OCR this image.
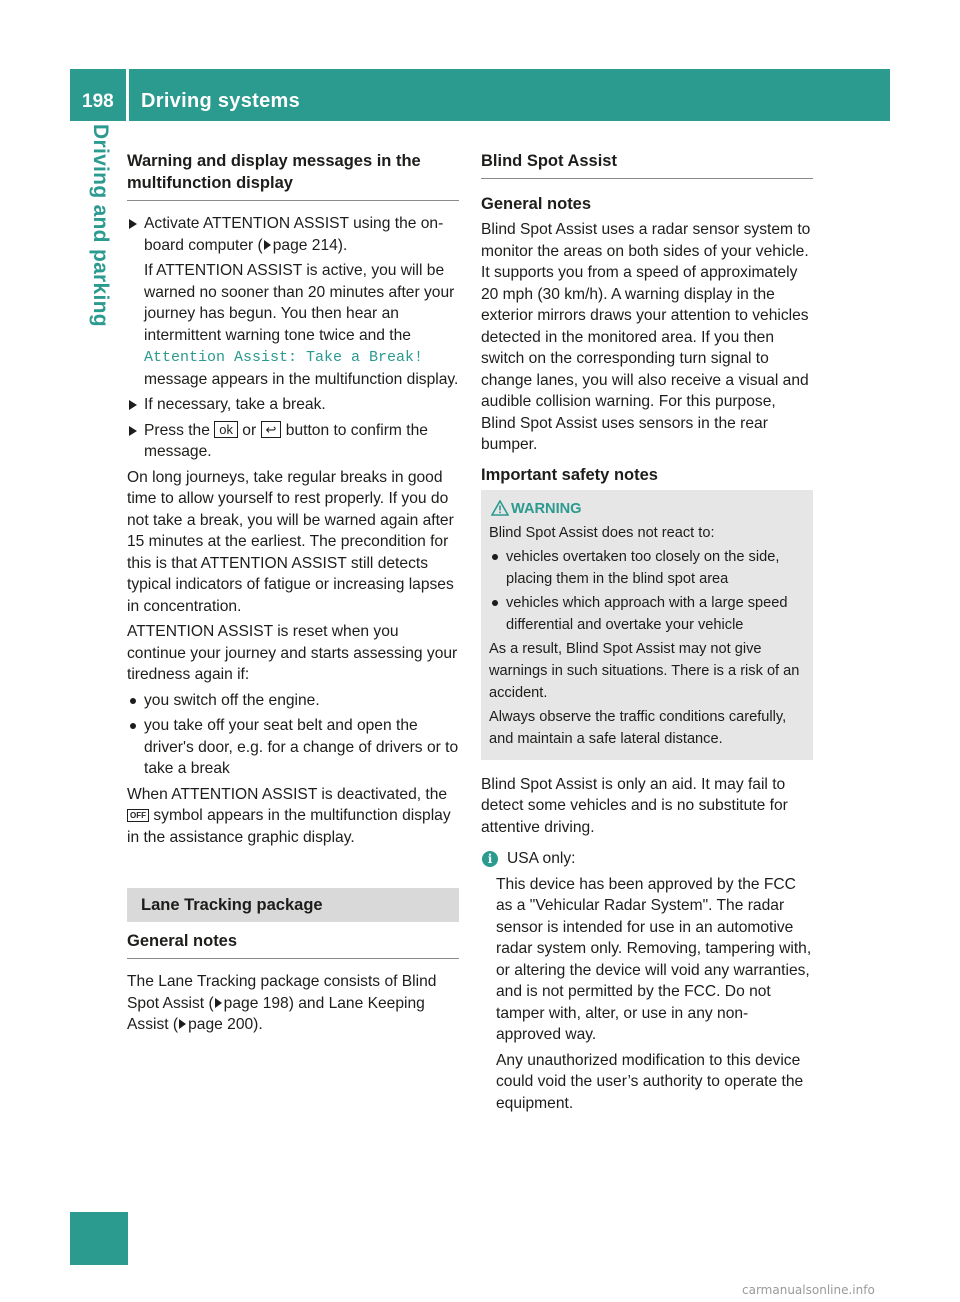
198 Driving systems
Driving and parking Warning and display messages in the multifunction display
Activate ATTENTION ASSIST using the on-board computer ( page 214).

If ATTENTION ASSIST is active, you will be warned no sooner than 20 minutes after your journey has begun. You then hear an intermittent warning tone twice and the
Attention Assist: Take a Break!
message appears in the multifunction display.

If necessary, take a break.
Press the ok or ↩ button to confirm the message.

On long journeys, take regular breaks in good time to allow yourself to rest properly. If you do not take a break, you will be warned again after 15 minutes at the earliest. The precondition for this is that ATTENTION ASSIST still detects typical indicators of fatigue or increasing lapses in concentration.

ATTENTION ASSIST is reset when you continue your journey and starts assessing your tiredness again if:

you switch off the engine.
you take off your seat belt and open the driver's door, e.g. for a change of drivers or to take a break

When ATTENTION ASSIST is deactivated, the OFF symbol appears in the multifunction display in the assistance graphic display.

Lane Tracking package
General notes

The Lane Tracking package consists of Blind Spot Assist ( page 198) and Lane Keeping Assist ( page 200).

Blind Spot Assist
General notes

Blind Spot Assist uses a radar sensor system to monitor the areas on both sides of your vehicle. It supports you from a speed of approximately 20 mph (30 km/h). A warning display in the exterior mirrors draws your attention to vehicles detected in the monitored area. If you then switch on the corresponding turn signal to change lanes, you will also receive a visual and audible collision warning. For this purpose, Blind Spot Assist uses sensors in the rear bumper.

Important safety notes
WARNING

Blind Spot Assist does not react to:

vehicles overtaken too closely on the side, placing them in the blind spot area
vehicles which approach with a large speed differential and overtake your vehicle

As a result, Blind Spot Assist may not give warnings in such situations. There is a risk of an accident.

Always observe the traffic conditions carefully, and maintain a safe lateral distance.

Blind Spot Assist is only an aid. It may fail to detect some vehicles and is no substitute for attentive driving.

i USA only:

This device has been approved by the FCC as a "Vehicular Radar System". The radar sensor is intended for use in an automotive radar system only. Removing, tampering with, or altering the device will void any warranties, and is not permitted by the FCC. Do not tamper with, alter, or use in any non-approved way.

Any unauthorized modification to this device could void the user’s authority to operate the equipment.

carmanualsonline.info
